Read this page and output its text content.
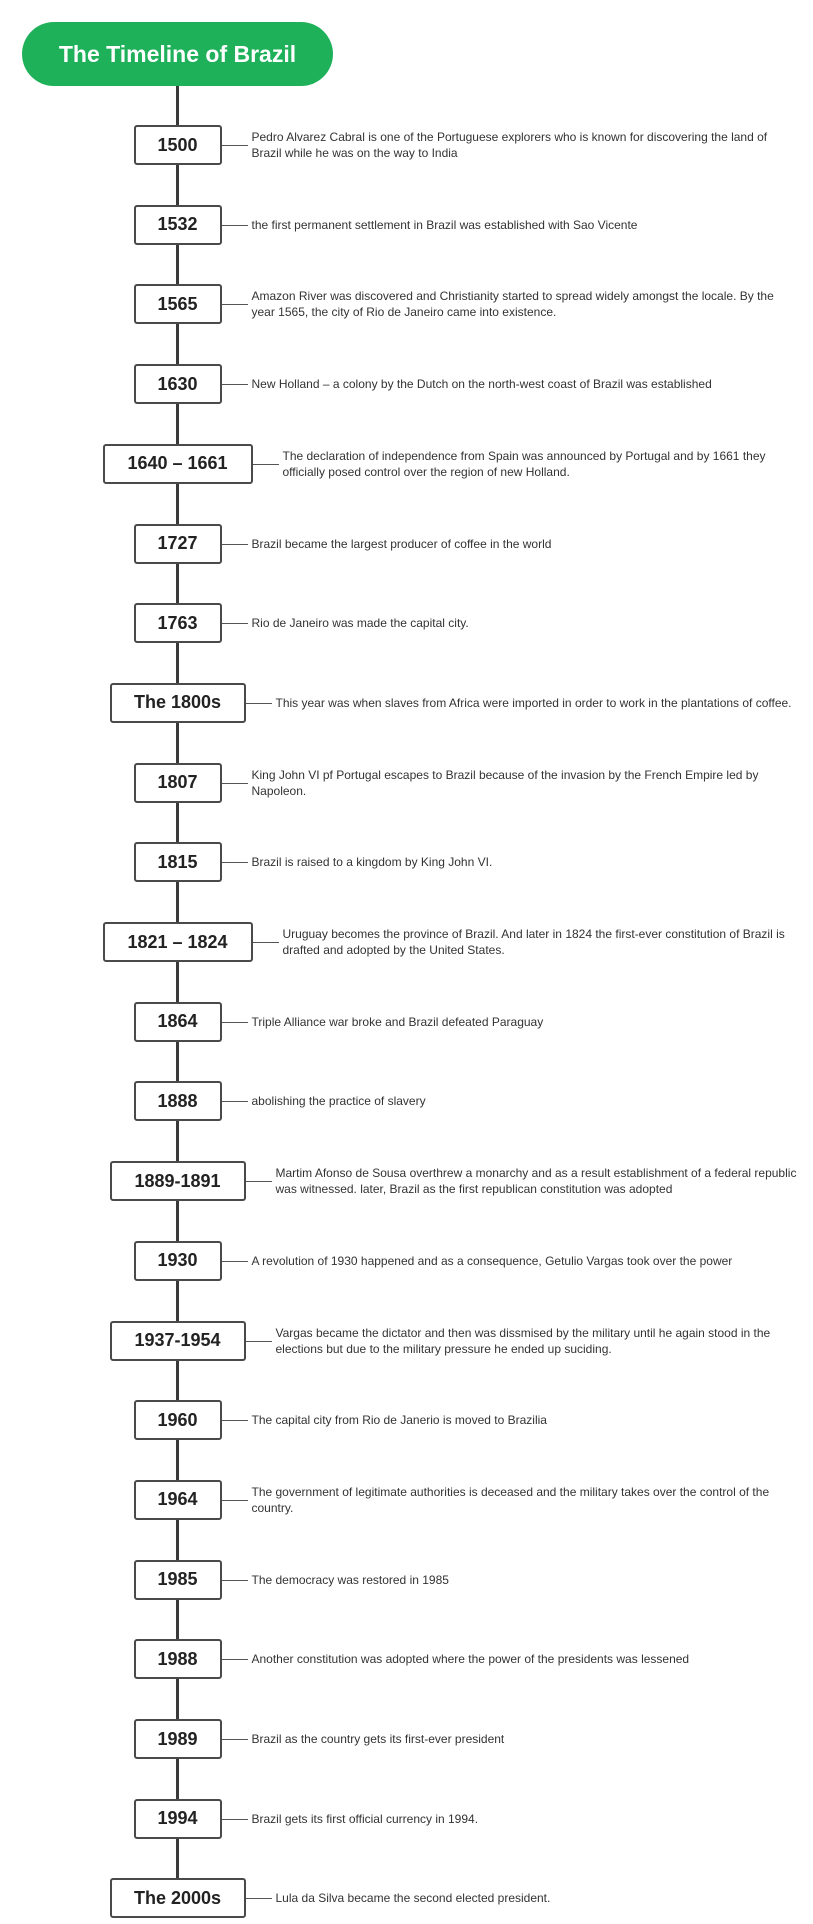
The Timeline of Brazil
1500	Pedro Alvarez Cabral is one of the Portuguese explorers who is known for discovering the land of Brazil while he was on the way to India
1532	the first permanent settlement in Brazil was established with Sao Vicente
1565	Amazon River was discovered and Christianity started to spread widely amongst the locale. By the year 1565, the city of Rio de Janeiro came into existence.
1630	New Holland – a colony by the Dutch on the north-west coast of Brazil was established
1640 – 1661	The declaration of independence from Spain was announced by Portugal and by 1661 they officially posed control over the region of new Holland.
1727	Brazil became the largest producer of coffee in the world
1763	Rio de Janeiro was made the capital city.
The 1800s	This year was when slaves from Africa were imported in order to work in the plantations of coffee.
1807	King John VI pf Portugal escapes to Brazil because of the invasion by the French Empire led by Napoleon.
1815	Brazil is raised to a kingdom by King John VI.
1821 – 1824	Uruguay becomes the province of Brazil. And later in 1824 the first-ever constitution of Brazil is drafted and adopted by the United States.
1864	Triple Alliance war broke and Brazil defeated Paraguay
1888	abolishing the practice of slavery
1889-1891	Martim Afonso de Sousa overthrew a monarchy and as a result establishment of a federal republic was witnessed. later, Brazil as the first republican constitution was adopted
1930	A revolution of 1930 happened and as a consequence, Getulio Vargas took over the power
1937-1954	Vargas became the dictator and then was dissmised by the military until he again stood in the elections but due to the military pressure he ended up suciding.
1960	The capital city from Rio de Janerio is moved to Brazilia
1964	The government of legitimate authorities is deceased and the military takes over the control of the country.
1985	The democracy was restored in 1985
1988	Another constitution was adopted where the power of the presidents was lessened
1989	Brazil as the country gets its first-ever president
1994	Brazil gets its first official currency in 1994.
The 2000s	Lula da Silva became the second elected president.
